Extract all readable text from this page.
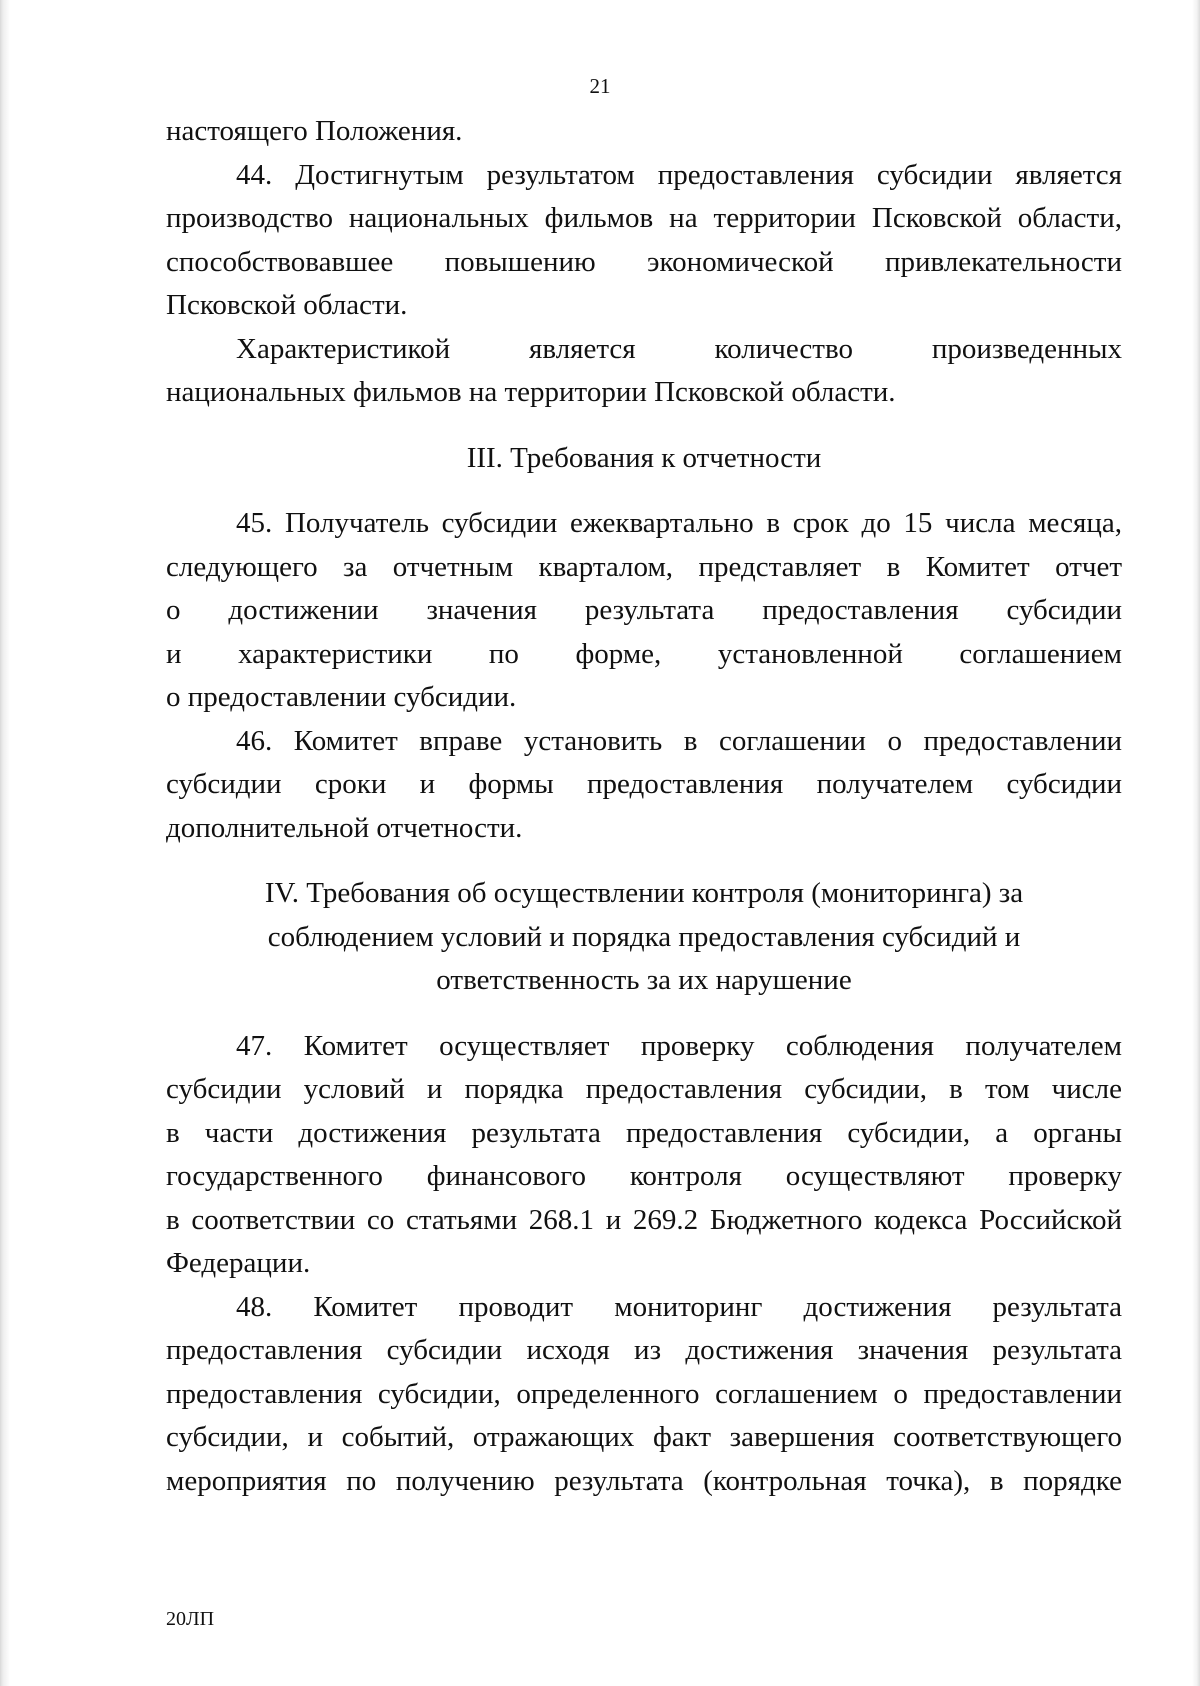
21
настоящего Положения.
44. Достигнутым результатом предоставления субсидии является
производство национальных фильмов на территории Псковской области,
способствовавшее повышению экономической привлекательности
Псковской области.
Характеристикой является количество произведенных
национальных фильмов на территории Псковской области.
III. Требования к отчетности
45. Получатель субсидии ежеквартально в срок до 15 числа месяца,
следующего за отчетным кварталом, представляет в Комитет отчет
о достижении значения результата предоставления субсидии
и характеристики по форме, установленной соглашением
о предоставлении субсидии.
46. Комитет вправе установить в соглашении о предоставлении
субсидии сроки и формы предоставления получателем субсидии
дополнительной отчетности.
IV. Требования об осуществлении контроля (мониторинга) за
соблюдением условий и порядка предоставления субсидий и
ответственность за их нарушение
47. Комитет осуществляет проверку соблюдения получателем
субсидии условий и порядка предоставления субсидии, в том числе
в части достижения результата предоставления субсидии, а органы
государственного финансового контроля осуществляют проверку
в соответствии со статьями 268.1 и 269.2 Бюджетного кодекса Российской
Федерации.
48. Комитет проводит мониторинг достижения результата
предоставления субсидии исходя из достижения значения результата
предоставления субсидии, определенного соглашением о предоставлении
субсидии, и событий, отражающих факт завершения соответствующего
мероприятия по получению результата (контрольная точка), в порядке
20ЛП
